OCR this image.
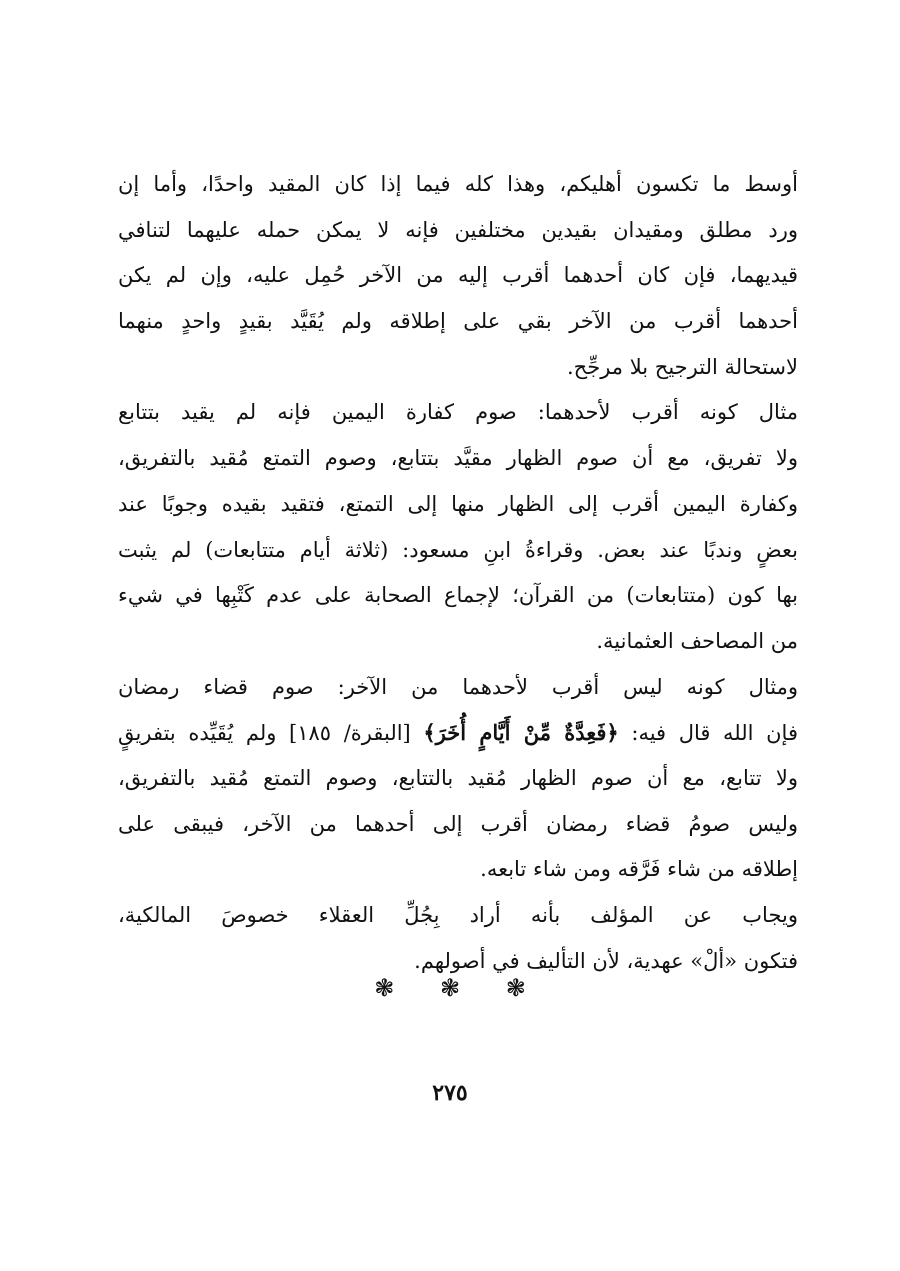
أوسط ما تكسون أهليكم، وهذا كله فيما إذا كان المقيد واحدًا، وأما إن
ورد مطلق ومقيدان بقيدين مختلفين فإنه لا يمكن حمله عليهما لتنافي
قيديهما، فإن كان أحدهما أقرب إليه من الآخر حُمِل عليه، وإن لم يكن
أحدهما أقرب من الآخر بقي على إطلاقه ولم يُقَيَّد بقيدٍ واحدٍ منهما
لاستحالة الترجيح بلا مرجِّح.
مثال كونه أقرب لأحدهما: صوم كفارة اليمين فإنه لم يقيد بتتابع
ولا تفريق، مع أن صوم الظهار مقيَّد بتتابع، وصوم التمتع مُقيد بالتفريق،
وكفارة اليمين أقرب إلى الظهار منها إلى التمتع، فتقيد بقيده وجوبًا عند
بعضٍ وندبًا عند بعض. وقراءةُ ابنِ مسعود: (ثلاثة أيام متتابعات) لم يثبت
بها كون (متتابعات) من القرآن؛ لإجماع الصحابة على عدم كَتْبِها في شيء
من المصاحف العثمانية.
ومثال كونه ليس أقرب لأحدهما من الآخر: صوم قضاء رمضان
فإن الله قال فيه: ﴿فَعِدَّةٌ مِّنْ أَيَّامٍ أُخَرَ﴾ [البقرة/ ١٨٥] ولم يُقَيِّده بتفريقٍ
ولا تتابع، مع أن صوم الظهار مُقيد بالتتابع، وصوم التمتع مُقيد بالتفريق،
وليس صومُ قضاء رمضان أقرب إلى أحدهما من الآخر، فيبقى على
إطلاقه من شاء فَرَّقه ومن شاء تابعه.
ويجاب عن المؤلف بأنه أراد بِجُلِّ العقلاء خصوصَ المالكية،
فتكون «ألْ» عهدية، لأن التأليف في أصولهم.
❃ ❃ ❃
٢٧٥
